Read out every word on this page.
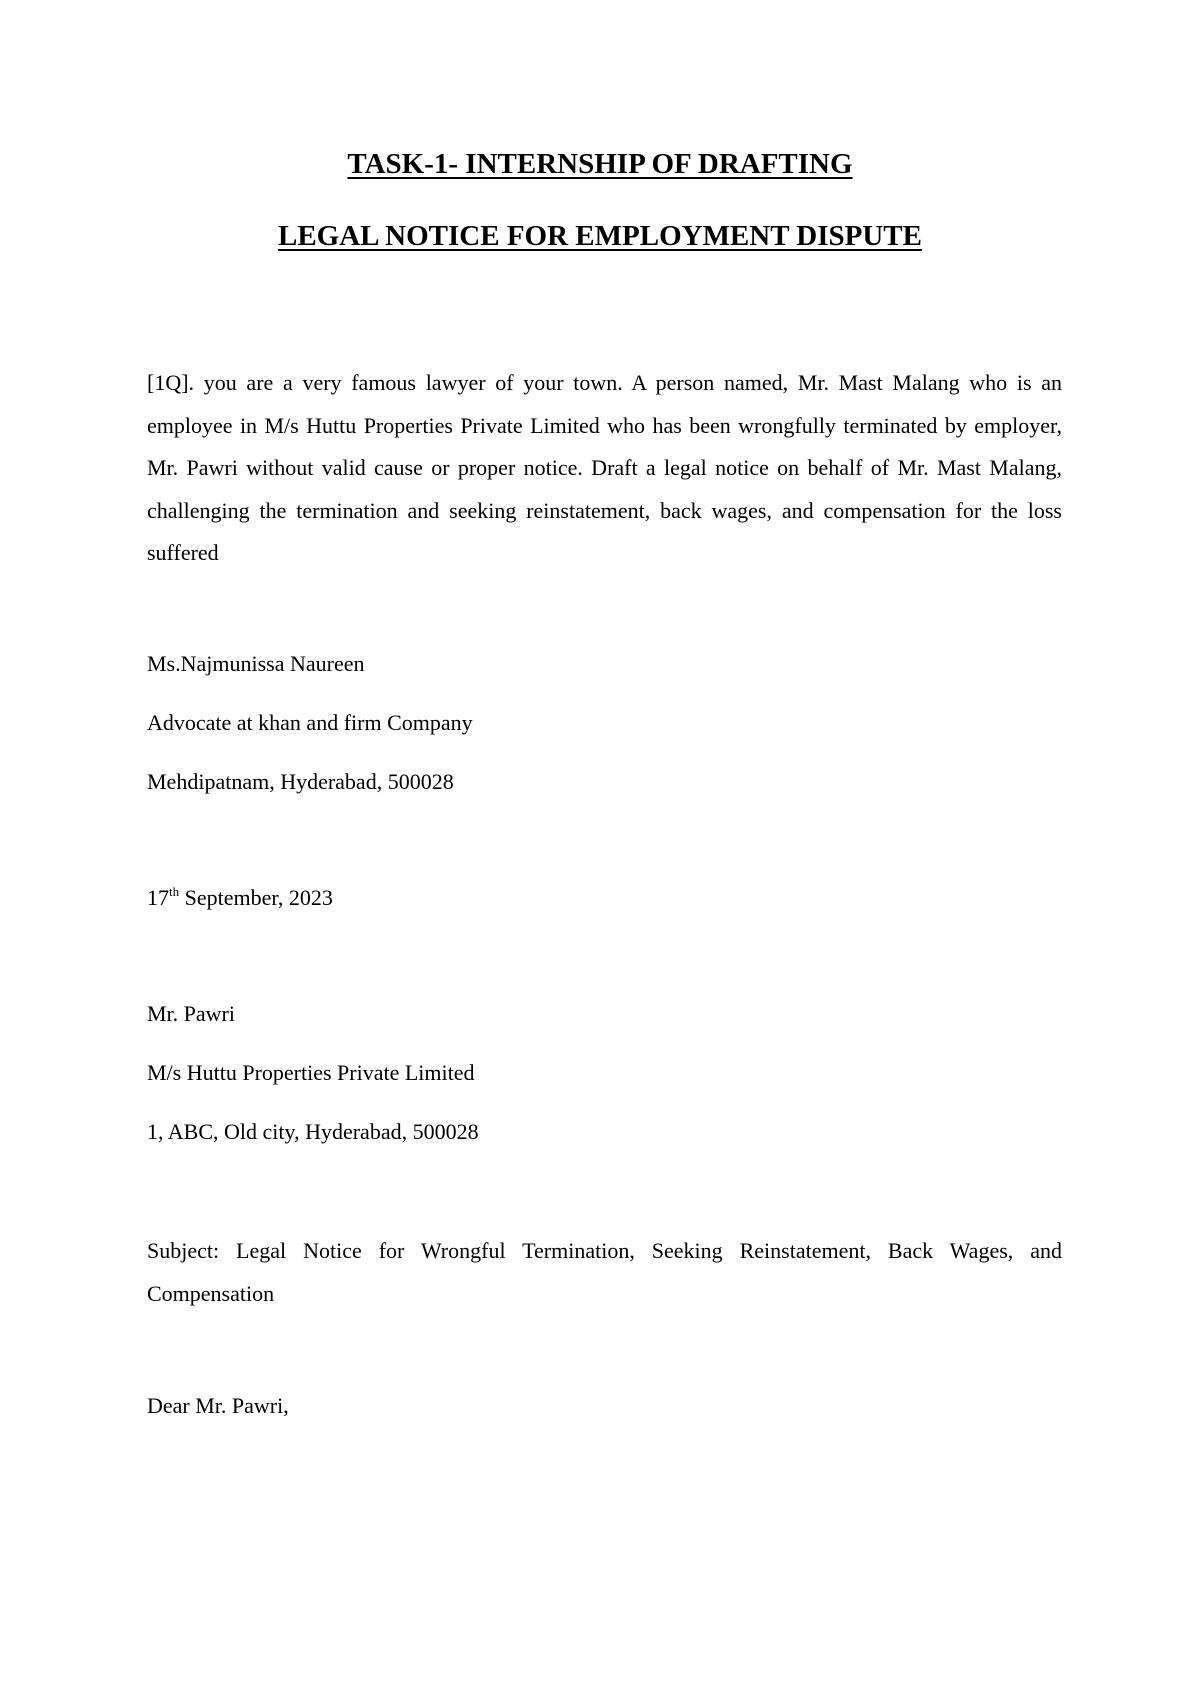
TASK-1- INTERNSHIP OF DRAFTING
LEGAL NOTICE FOR EMPLOYMENT DISPUTE

[1Q]. you are a very famous lawyer of your town. A person named, Mr. Mast Malang who is an employee in M/s Huttu Properties Private Limited who has been wrongfully terminated by employer, Mr. Pawri without valid cause or proper notice. Draft a legal notice on behalf of Mr. Mast Malang, challenging the termination and seeking reinstatement, back wages, and compensation for the loss suffered

Ms.Najmunissa Naureen

Advocate at khan and firm Company

Mehdipatnam, Hyderabad, 500028

17th September, 2023

Mr. Pawri

M/s Huttu Properties Private Limited

1, ABC, Old city, Hyderabad, 500028

Subject: Legal Notice for Wrongful Termination, Seeking Reinstatement, Back Wages, and Compensation

Dear Mr. Pawri,
